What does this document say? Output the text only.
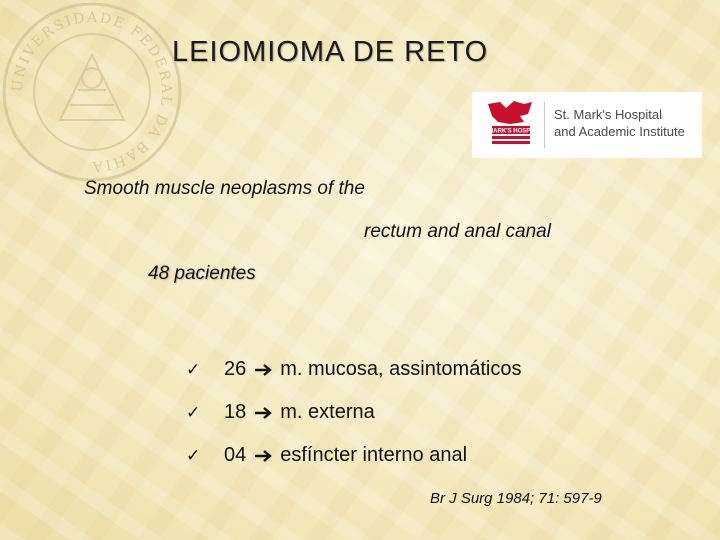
UNIVERSIDADE FEDERAL DA BAHIA
LEIOMIOMA DE RETO
ST MARK'S HOSPITAL
St. Mark's Hospital
and Academic Institute
Smooth muscle neoplasms of the
rectum and anal canal
48 pacientes
✓	26 m. mucosa, assintomáticos
✓	18 m. externa
✓	04 esfíncter interno anal
Br J Surg 1984; 71: 597-9
